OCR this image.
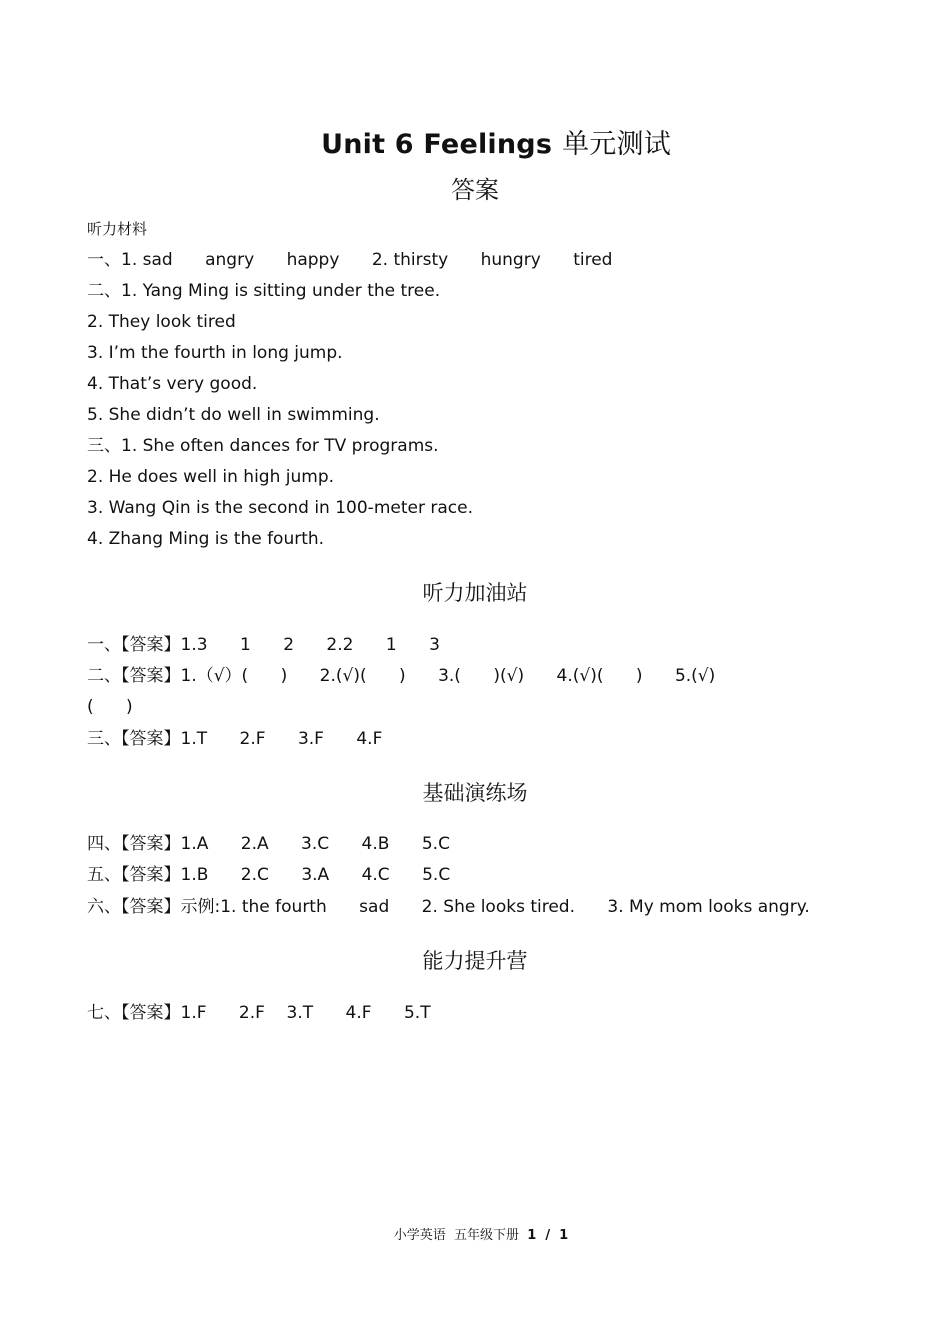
Unit 6 Feelings 单元测试
答案
听力材料
一、1. sad      angry      happy      2. thirsty      hungry      tired
二、1. Yang Ming is sitting under the tree.
2. They look tired
3. I’m the fourth in long jump.
4. That’s very good.
5. She didn’t do well in swimming.
三、1. She often dances for TV programs.
2. He does well in high jump.
3. Wang Qin is the second in 100-meter race.
4. Zhang Ming is the fourth.
一、【答案】1.3      1      2      2.2      1      3
二、【答案】1.（√）(      )      2.(√)(      )      3.(      )(√)      4.(√)(      )      5.(√)
(      )
三、【答案】1.T      2.F      3.F      4.F
四、【答案】1.A      2.A      3.C      4.B      5.C
五、【答案】1.B      2.C      3.A      4.C      5.C
六、【答案】示例:1. the fourth      sad      2. She looks tired.      3. My mom looks angry.
七、【答案】1.F      2.F    3.T      4.F      5.T
听力加油站
基础演练场
能力提升营
小学英语  五年级下册  1  /  1
